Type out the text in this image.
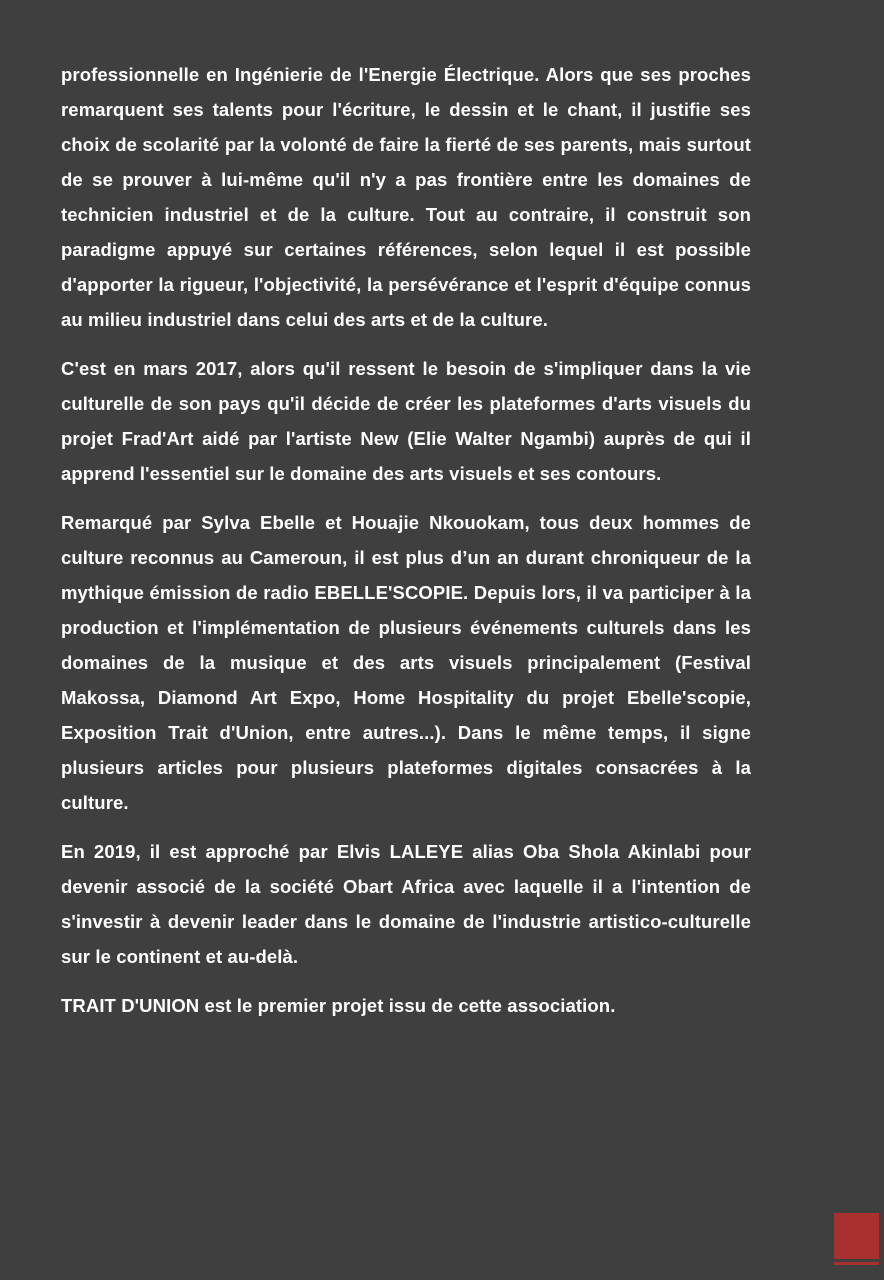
professionnelle en Ingénierie de l'Energie Électrique. Alors que ses proches remarquent ses talents pour l'écriture, le dessin et le chant, il justifie ses choix de scolarité par la volonté de faire la fierté de ses parents, mais surtout de se prouver à lui-même qu'il n'y a pas frontière entre les domaines de technicien industriel et de la culture. Tout au contraire, il construit son paradigme appuyé sur certaines références, selon lequel il est possible d'apporter la rigueur, l'objectivité, la persévérance et l'esprit d'équipe connus au milieu industriel dans celui des arts et de la culture.

C'est en mars 2017, alors qu'il ressent le besoin de s'impliquer dans la vie culturelle de son pays qu'il décide de créer les plateformes d'arts visuels du projet Frad'Art aidé par l'artiste New (Elie Walter Ngambi) auprès de qui il apprend l'essentiel sur le domaine des arts visuels et ses contours.

Remarqué par Sylva Ebelle et Houajie Nkouokam, tous deux hommes de culture reconnus au Cameroun, il est plus d’un an durant chroniqueur de la mythique émission de radio EBELLE'SCOPIE. Depuis lors, il va participer à la production et l'implémentation de plusieurs événements culturels dans les domaines de la musique et des arts visuels principalement (Festival Makossa, Diamond Art Expo, Home Hospitality du projet Ebelle'scopie, Exposition Trait d'Union, entre autres...). Dans le même temps, il signe plusieurs articles pour plusieurs plateformes digitales consacrées à la culture.

En 2019, il est approché par Elvis LALEYE alias Oba Shola Akinlabi pour devenir associé de la société Obart Africa avec laquelle il a l'intention de s'investir à devenir leader dans le domaine de l'industrie artistico-culturelle sur le continent et au-delà.

TRAIT D'UNION est le premier projet issu de cette association.
